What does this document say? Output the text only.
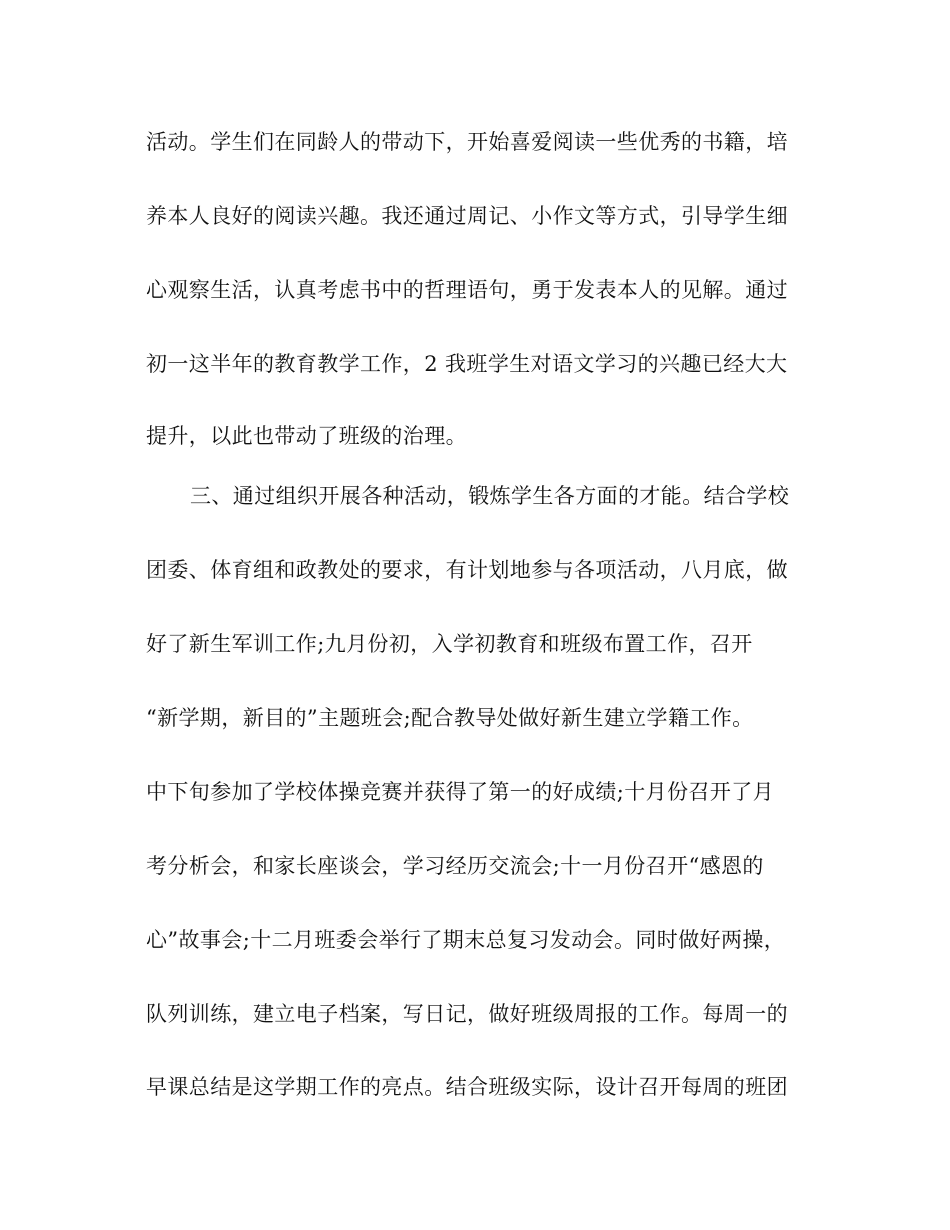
活动。学生们在同龄人的带动下，开始喜爱阅读一些优秀的书籍，培
养本人良好的阅读兴趣。我还通过周记、小作文等方式，引导学生细
心观察生活，认真考虑书中的哲理语句，勇于发表本人的见解。通过
初一这半年的教育教学工作，2 我班学生对语文学习的兴趣已经大大
提升，以此也带动了班级的治理。
三、通过组织开展各种活动，锻炼学生各方面的才能。结合学校
团委、体育组和政教处的要求，有计划地参与各项活动，八月底，做
好了新生军训工作;九月份初，入学初教育和班级布置工作，召开
“新学期，新目的”主题班会;配合教导处做好新生建立学籍工作。
中下旬参加了学校体操竞赛并获得了第一的好成绩;十月份召开了月
考分析会，和家长座谈会，学习经历交流会;十一月份召开“感恩的
心”故事会;十二月班委会举行了期末总复习发动会。同时做好两操，
队列训练，建立电子档案，写日记，做好班级周报的工作。每周一的
早课总结是这学期工作的亮点。结合班级实际，设计召开每周的班团
